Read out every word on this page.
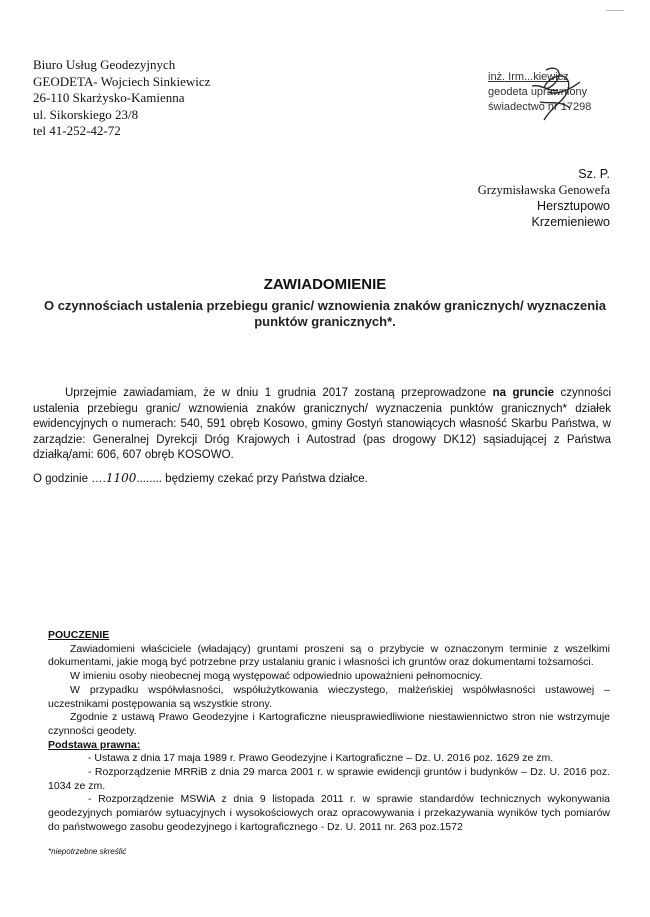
Biuro Usług Geodezyjnych
GEODETA- Wojciech Sinkiewicz
26-110 Skarżysko-Kamienna
ul. Sikorskiego 23/8
tel 41-252-42-72
inż. Irm...kiewicz
geodeta uprawniony
świadectwo nr 17298
Sz. P.
Grzymisławska Genowefa
Hersztupowo
Krzemieniewo
ZAWIADOMIENIE
O czynnościach ustalenia przebiegu granic/ wznowienia znaków granicznych/ wyznaczenia punktów granicznych*.

Uprzejmie zawiadamiam, że w dniu 1 grudnia 2017 zostaną przeprowadzone na gruncie czynności ustalenia przebiegu granic/ wznowienia znaków granicznych/ wyznaczenia punktów granicznych* działek ewidencyjnych o numerach: 540, 591 obręb Kosowo, gminy Gostyń stanowiących własność Skarbu Państwa, w zarządzie: Generalnej Dyrekcji Dróg Krajowych i Autostrad (pas drogowy DK12) sąsiadującej z Państwa działką/ami: 606, 607 obręb KOSOWO.

O godzinie ….1100........ będziemy czekać przy Państwa działce.

POUCZENIE

Zawiadomieni właściciele (władający) gruntami proszeni są o przybycie w oznaczonym terminie z wszelkimi dokumentami, jakie mogą być potrzebne przy ustalaniu granic i własności ich gruntów oraz dokumentami tożsamości.

W imieniu osoby nieobecnej mogą występować odpowiednio upoważnieni pełnomocnicy.

W przypadku współwłasności, współużytkowania wieczystego, małżeńskiej współwłasności ustawowej – uczestnikami postępowania są wszystkie strony.

Zgodnie z ustawą Prawo Geodezyjne i Kartograficzne nieusprawiedliwione niestawiennictwo stron nie wstrzymuje czynności geodety.

Podstawa prawna:

- Ustawa z dnia 17 maja 1989 r. Prawo Geodezyjne i Kartograficzne – Dz. U. 2016 poz. 1629 ze zm.

- Rozporządzenie MRRiB z dnia 29 marca 2001 r. w sprawie ewidencji gruntów i budynków – Dz. U. 2016 poz. 1034 ze zm.

- Rozporządzenie MSWiA z dnia 9 listopada 2011 r. w sprawie standardów technicznych wykonywania geodezyjnych pomiarów sytuacyjnych i wysokościowych oraz opracowywania i przekazywania wyników tych pomiarów do państwowego zasobu geodezyjnego i kartograficznego - Dz. U. 2011 nr. 263 poz.1572

*niepotrzebne skreślić
